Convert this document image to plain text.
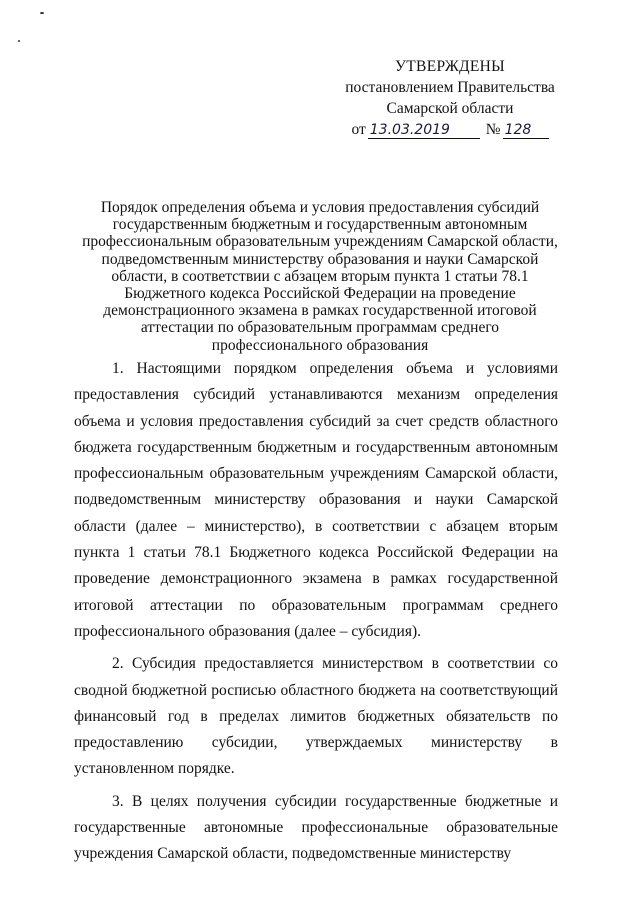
УТВЕРЖДЕНЫ
постановлением Правительства
Самарской области
от 13.03.2019	№ 128
Порядок определения объема и условия предоставления субсидий государственным бюджетным и государственным автономным профессиональным образовательным учреждениям Самарской области, подведомственным министерству образования и науки Самарской области, в соответствии с абзацем вторым пункта 1 статьи 78.1 Бюджетного кодекса Российской Федерации на проведение демонстрационного экзамена в рамках государственной итоговой аттестации по образовательным программам среднего профессионального образования

1. Настоящими порядком определения объема и условиями предоставления субсидий устанавливаются механизм определения объема и условия предоставления субсидий за счет средств областного бюджета государственным бюджетным и государственным автономным профессиональным образовательным учреждениям Самарской области, подведомственным министерству образования и науки Самарской области (далее – министерство), в соответствии с абзацем вторым пункта 1 статьи 78.1 Бюджетного кодекса Российской Федерации на проведение демонстрационного экзамена в рамках государственной итоговой аттестации по образовательным программам среднего профессионального образования (далее – субсидия).

2. Субсидия предоставляется министерством в соответствии со сводной бюджетной росписью областного бюджета на соответствующий финансовый год в пределах лимитов бюджетных обязательств по предоставлению субсидии, утверждаемых министерству в установленном порядке.

3. В целях получения субсидии государственные бюджетные и государственные автономные профессиональные образовательные учреждения Самарской области, подведомственные министерству
